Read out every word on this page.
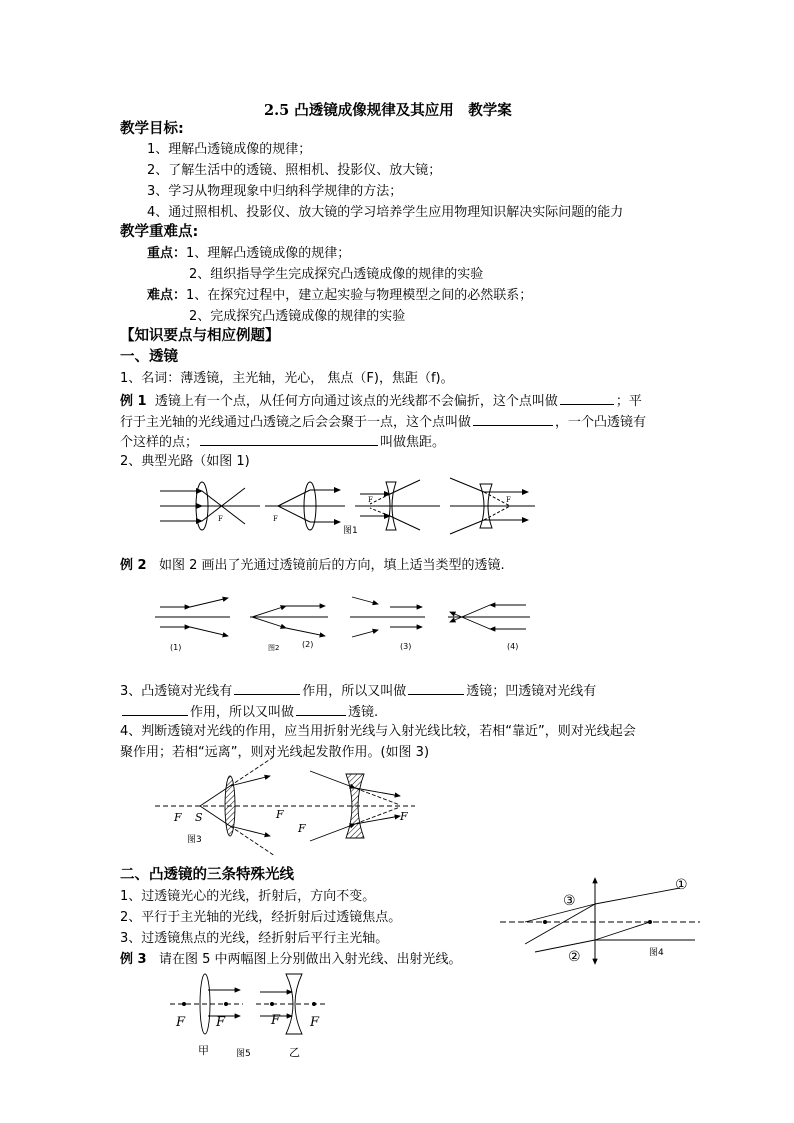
2.5 凸透镜成像规律及其应用　教学案
教学目标:
1、理解凸透镜成像的规律；
2、了解生活中的透镜、照相机、投影仪、放大镜；
3、学习从物理现象中归纳科学规律的方法；
4、通过照相机、投影仪、放大镜的学习培养学生应用物理知识解决实际问题的能力
教学重难点:
重点：1、理解凸透镜成像的规律；
2、组织指导学生完成探究凸透镜成像的规律的实验
难点：1、在探究过程中，建立起实验与物理模型之间的必然联系；
2、完成探究凸透镜成像的规律的实验
【知识要点与相应例题】
一、透镜
1、名词：薄透镜，主光轴，光心， 焦点（F)，焦距（f)。
例 1 透镜上有一个点，从任何方向通过该点的光线都不会偏折，这个点叫做	；平
行于主光轴的光线通过凸透镜之后会会聚于一点，这个点叫做	，一个凸透镜有
个这样的点；	叫做焦距。
2、典型光路（如图 1)
F	F
F	F
图1
例 2 如图 2 画出了光通过透镜前后的方向，填上适当类型的透镜.
(1)	图2	(2)	(3)	(4)
3、凸透镜对光线有	作用，所以又叫做	透镜；凹透镜对光线有
作用，所以又叫做	透镜.
4、判断透镜对光线的作用，应当用折射光线与入射光线比较，若相“靠近”，则对光线起会
聚作用；若相“远离”，则对光线起发散作用。(如图 3)
F S	F
F
F
图3
二、凸透镜的三条特殊光线
1、过透镜光心的光线，折射后，方向不变。
2、平行于主光轴的光线，经折射后过透镜焦点。
3、过透镜焦点的光线，经折射后平行主光轴。
例 3 请在图 5 中两幅图上分别做出入射光线、出射光线。
①
②
③
图4
F F	F F
甲	图5	乙
